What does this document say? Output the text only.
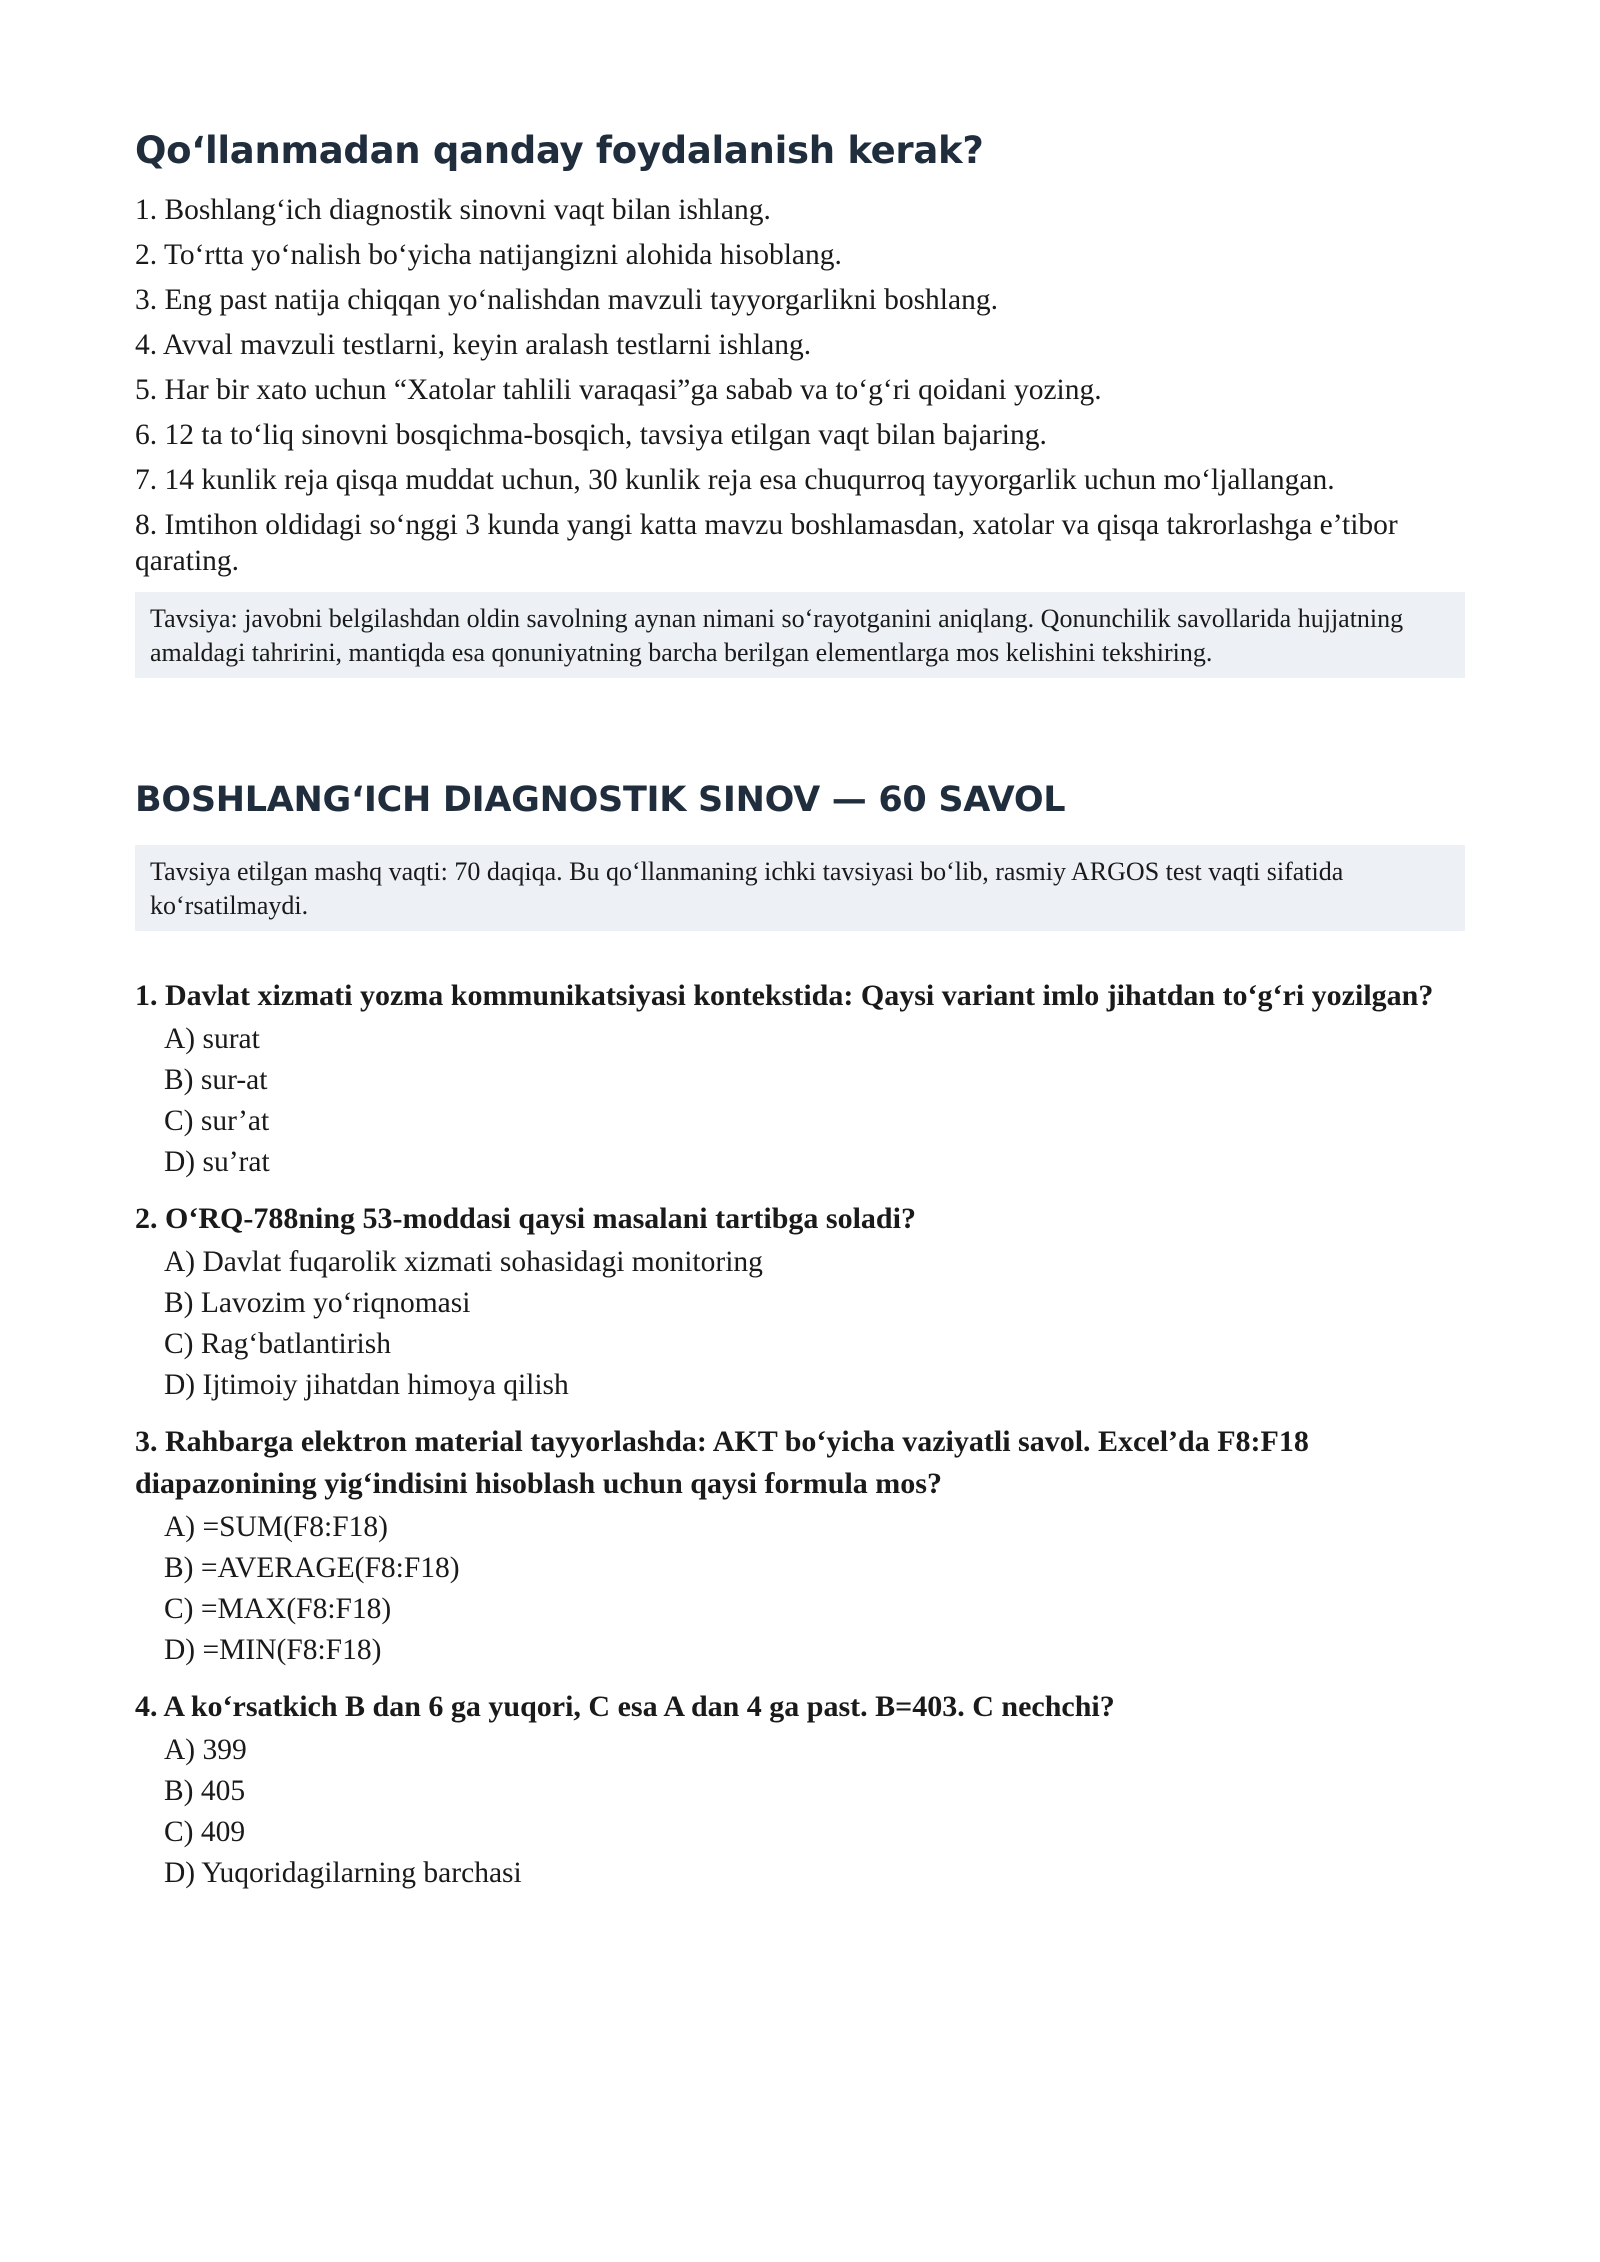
Qo‘llanmadan qanday foydalanish kerak?
1. Boshlang‘ich diagnostik sinovni vaqt bilan ishlang.
2. To‘rtta yo‘nalish bo‘yicha natijangizni alohida hisoblang.
3. Eng past natija chiqqan yo‘nalishdan mavzuli tayyorgarlikni boshlang.
4. Avval mavzuli testlarni, keyin aralash testlarni ishlang.
5. Har bir xato uchun “Xatolar tahlili varaqasi”ga sabab va to‘g‘ri qoidani yozing.
6. 12 ta to‘liq sinovni bosqichma-bosqich, tavsiya etilgan vaqt bilan bajaring.
7. 14 kunlik reja qisqa muddat uchun, 30 kunlik reja esa chuqurroq tayyorgarlik uchun mo‘ljallangan.
8. Imtihon oldidagi so‘nggi 3 kunda yangi katta mavzu boshlamasdan, xatolar va qisqa takrorlashga e’tibor qarating.
Tavsiya: javobni belgilashdan oldin savolning aynan nimani so‘rayotganini aniqlang. Qonunchilik savollarida hujjatning amaldagi tahririni, mantiqda esa qonuniyatning barcha berilgan elementlarga mos kelishini tekshiring.
BOSHLANG‘ICH DIAGNOSTIK SINOV — 60 SAVOL
Tavsiya etilgan mashq vaqti: 70 daqiqa. Bu qo‘llanmaning ichki tavsiyasi bo‘lib, rasmiy ARGOS test vaqti sifatida ko‘rsatilmaydi.

1. Davlat xizmati yozma kommunikatsiyasi kontekstida: Qaysi variant imlo jihatdan to‘g‘ri yozilgan?

A) surat
B) sur-at
C) sur’at
D) su’rat

2. O‘RQ-788ning 53-moddasi qaysi masalani tartibga soladi?

A) Davlat fuqarolik xizmati sohasidagi monitoring
B) Lavozim yo‘riqnomasi
C) Rag‘batlantirish
D) Ijtimoiy jihatdan himoya qilish

3. Rahbarga elektron material tayyorlashda: AKT bo‘yicha vaziyatli savol. Excel’da F8:F18 diapazonining yig‘indisini hisoblash uchun qaysi formula mos?

A) =SUM(F8:F18)
B) =AVERAGE(F8:F18)
C) =MAX(F8:F18)
D) =MIN(F8:F18)

4. A ko‘rsatkich B dan 6 ga yuqori, C esa A dan 4 ga past. B=403. C nechchi?

A) 399
B) 405
C) 409
D) Yuqoridagilarning barchasi
